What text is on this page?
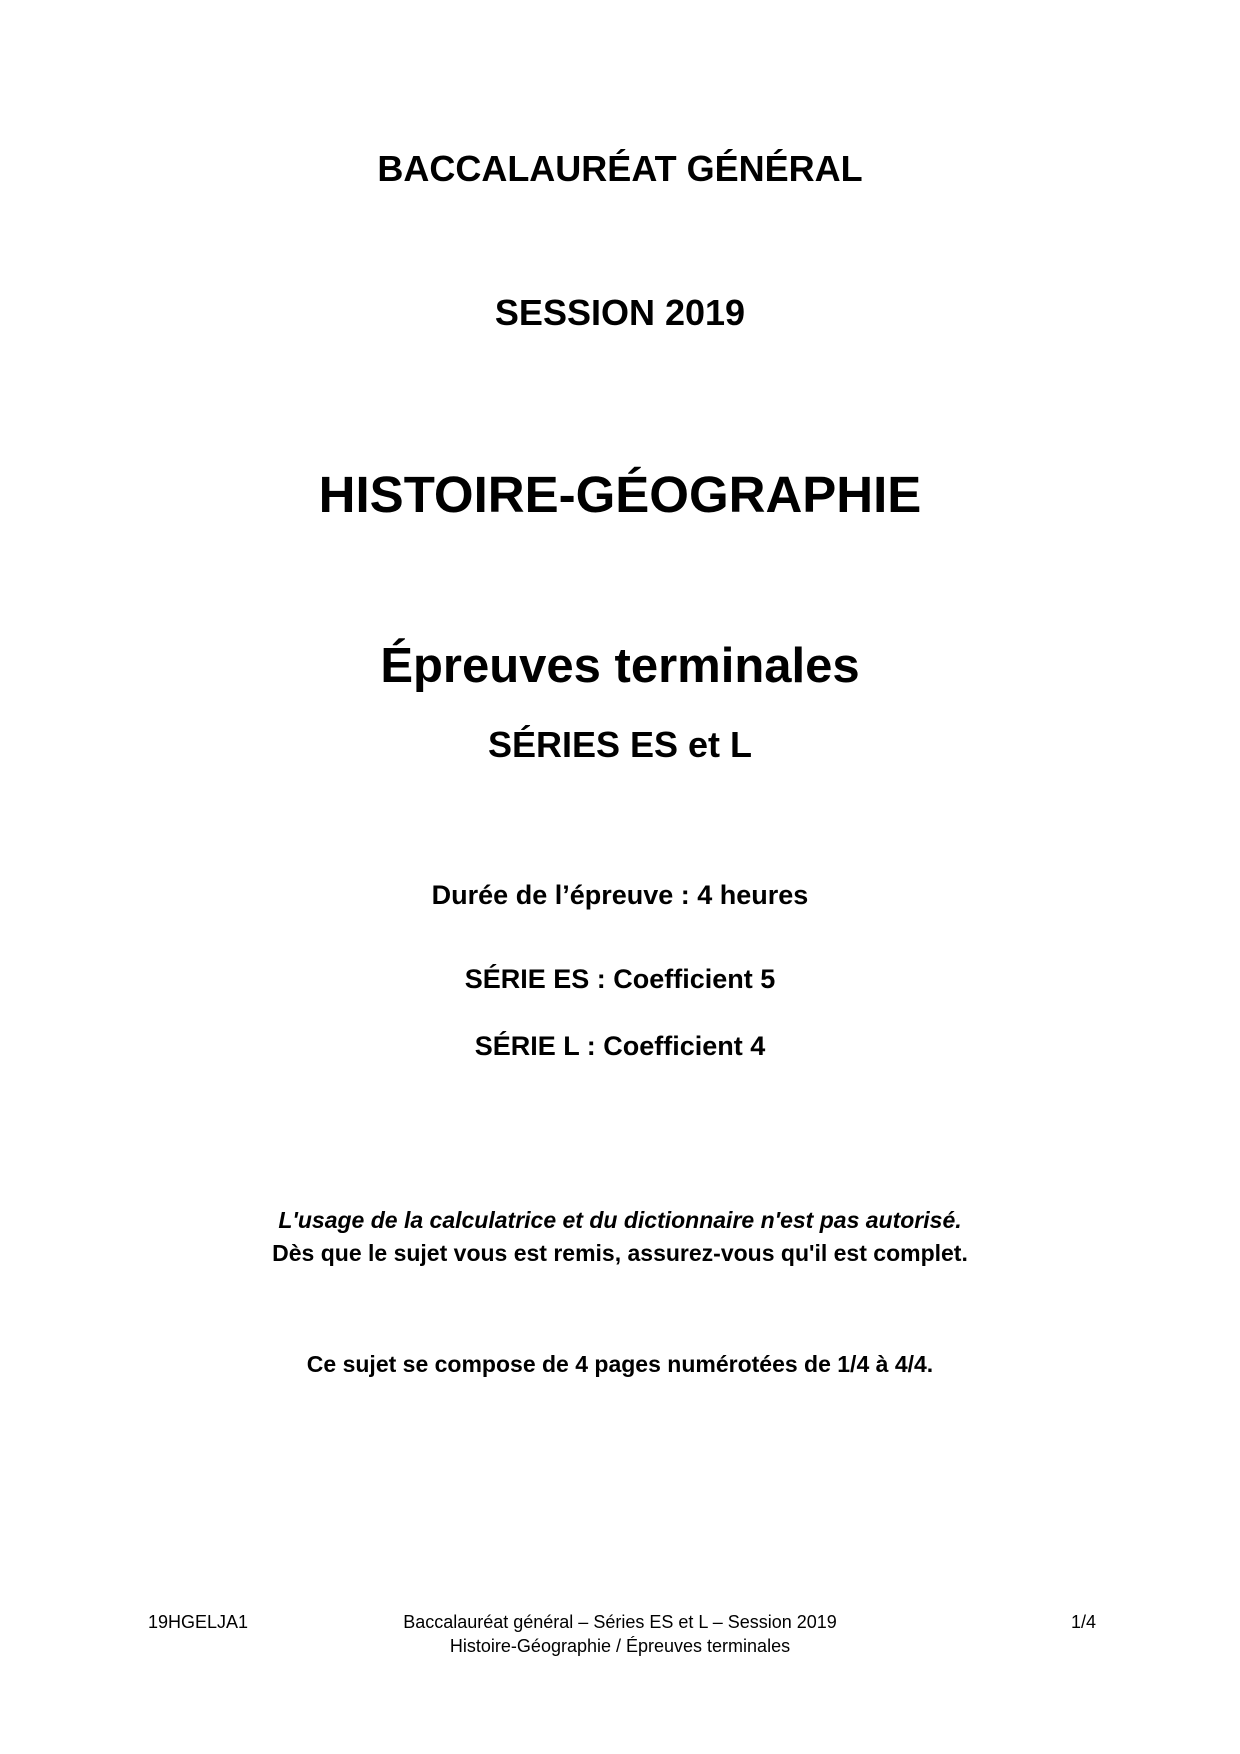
BACCALAURÉAT GÉNÉRAL
SESSION 2019
HISTOIRE-GÉOGRAPHIE
Épreuves terminales
SÉRIES ES et L
Durée de l’épreuve : 4 heures
SÉRIE ES : Coefficient 5
SÉRIE L : Coefficient 4
L'usage de la calculatrice et du dictionnaire n'est pas autorisé.
Dès que le sujet vous est remis, assurez-vous qu'il est complet.
Ce sujet se compose de 4 pages numérotées de 1/4 à 4/4.
19HGELJA1	Baccalauréat général – Séries ES et L – Session 2019
Histoire-Géographie / Épreuves terminales
1/4
